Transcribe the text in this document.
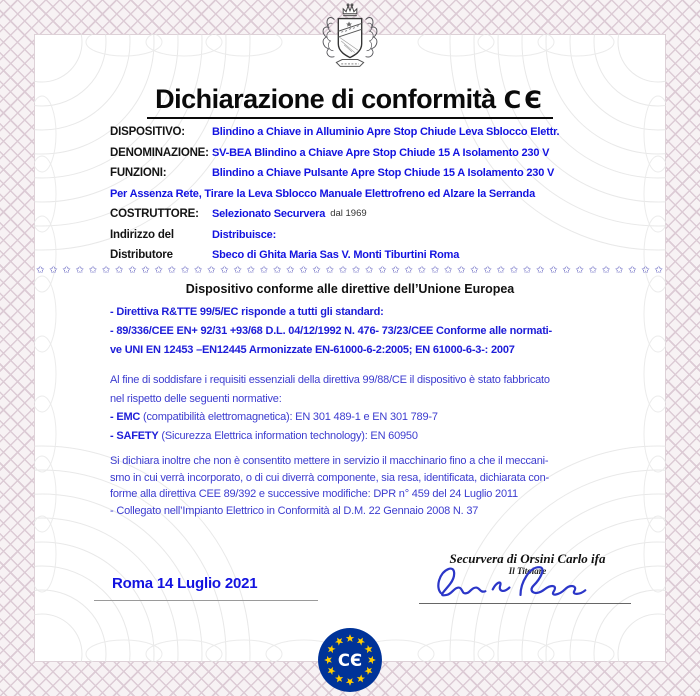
Dichiarazione di conformità CЄ
DISPOSITIVO:	Blindino a Chiave in Alluminio Apre Stop Chiude Leva Sblocco Elettr.
DENOMINAZIONE: SV-BEA Blindino a Chiave Apre Stop Chiude 15 A Isolamento 230 V
FUNZIONI:	Blindino a Chiave Pulsante Apre Stop Chiude 15 A Isolamento 230 V
Per Assenza Rete, Tirare la Leva Sblocco Manuale Elettrofreno ed Alzare la Serranda
COSTRUTTORE:	Selezionato Securvera dal 1969
Indirizzo del	Distribuisce:
Distributore	Sbeco di Ghita Maria Sas V. Monti Tiburtini Roma
✩ ✩ ✩ ✩ ✩ ✩ ✩ ✩ ✩ ✩ ✩ ✩ ✩ ✩ ✩ ✩ ✩ ✩ ✩ ✩ ✩ ✩ ✩ ✩ ✩ ✩ ✩ ✩ ✩ ✩ ✩ ✩ ✩ ✩ ✩ ✩ ✩ ✩ ✩ ✩ ✩ ✩ ✩ ✩ ✩ ✩ ✩ ✩
Dispositivo conforme alle direttive dell’Unione Europea
- Direttiva R&TTE 99/5/EC risponde a tutti gli standard:
- 89/336/CEE EN+ 92/31 +93/68 D.L. 04/12/1992 N. 476- 73/23/CEE Conforme alle normati-
ve UNI EN 12453 –EN12445 Armonizzate EN-61000-6-2:2005; EN 61000-6-3-: 2007
Al fine di soddisfare i requisiti essenziali della direttiva 99/88/CE il dispositivo è stato fabbricato
nel rispetto delle seguenti normative:
- EMC (compatibilità elettromagnetica): EN 301 489-1 e EN 301 789-7
- SAFETY (Sicurezza Elettrica information technology): EN 60950
Si dichiara inoltre che non è consentito mettere in servizio il macchinario fino a che il meccani-
smo in cui verrà incorporato, o di cui diverrà componente, sia resa, identificata, dichiarata con-
forme alla direttiva CEE 89/392 e successive modifiche: DPR n° 459 del 24 Luglio 2011
- Collegato nell’Impianto Elettrico in Conformità al D.M. 22 Gennaio 2008 N. 37
Roma 14 Luglio 2021
Securvera di Orsini Carlo ifa
Il Titolare
CЄ
